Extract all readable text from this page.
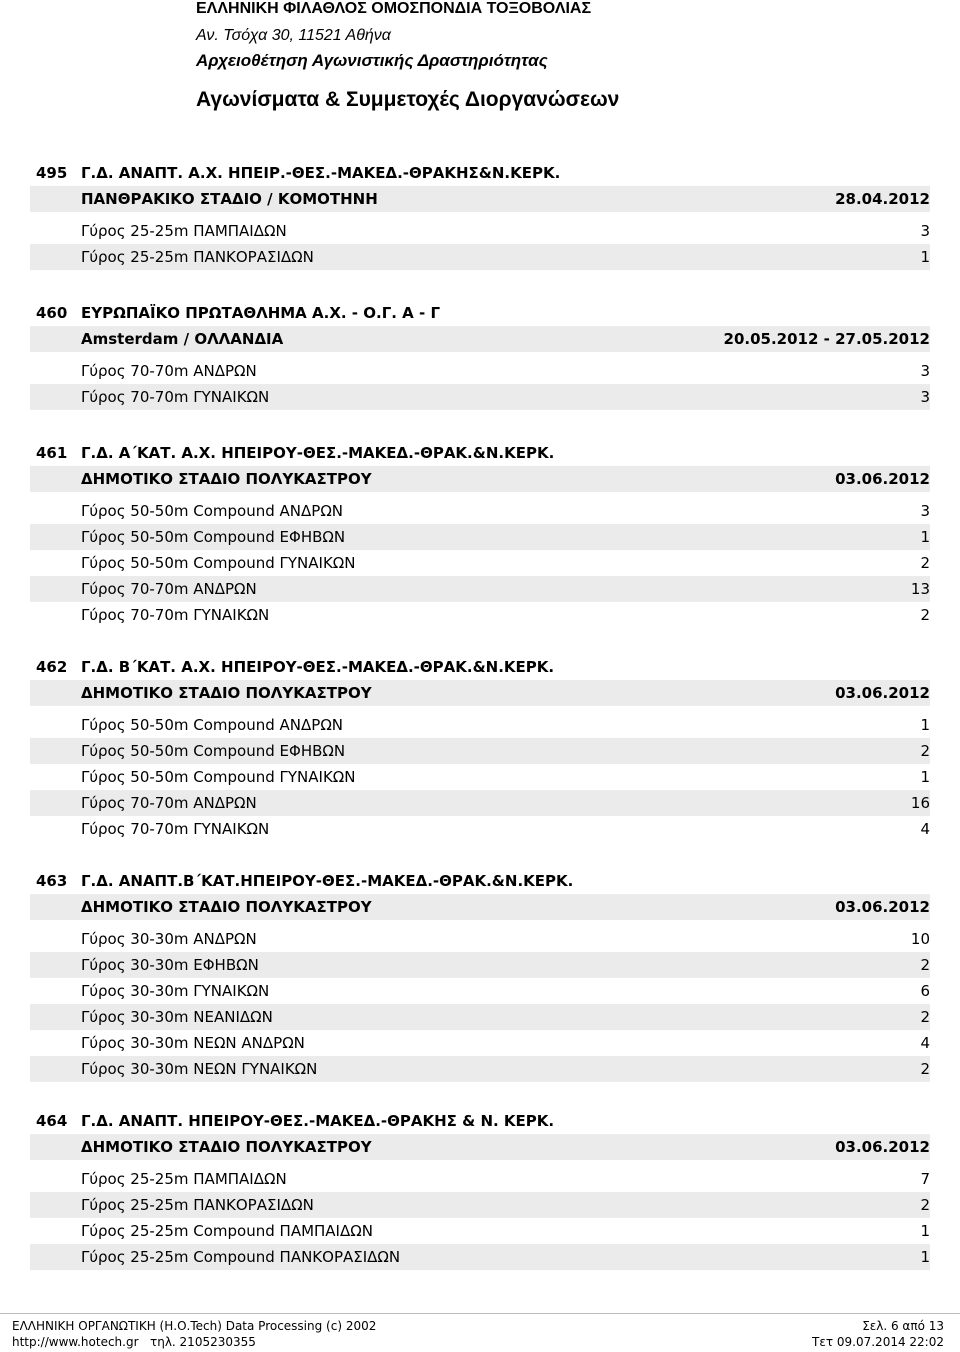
ΕΛΛΗΝΙΚΗ ΦΙΛΑΘΛΟΣ ΟΜΟΣΠΟΝΔΙΑ ΤΟΞΟΒΟΛΙΑΣ
Αν. Τσόχα 30, 11521 Αθήνα
Αρχειοθέτηση Αγωνιστικής Δραστηριότητας
Αγωνίσματα & Συμμετοχές Διοργανώσεων
495 Γ.Δ. ΑΝΑΠΤ. Α.Χ. ΗΠΕΙΡ.-ΘΕΣ.-ΜΑΚΕΔ.-ΘΡΑΚΗΣ&Ν.ΚΕΡΚ.
ΠΑΝΘΡΑΚΙΚΟ ΣΤΑΔΙΟ / ΚΟΜΟΤΗΝΗ	28.04.2012
Γύρος 25-25m ΠΑΜΠΑΙΔΩΝ	3
Γύρος 25-25m ΠΑΝΚΟΡΑΣΙΔΩΝ	1
460 ΕΥΡΩΠΑΪΚΟ ΠΡΩΤΑΘΛΗΜΑ Α.Χ. - Ο.Γ. Α - Γ
Amsterdam / ΟΛΛΑΝΔΙΑ	20.05.2012 - 27.05.2012
Γύρος 70-70m ΑΝΔΡΩΝ	3
Γύρος 70-70m ΓΥΝΑΙΚΩΝ	3
461 Γ.Δ. Α΄ΚΑΤ. Α.Χ. ΗΠΕΙΡΟΥ-ΘΕΣ.-ΜΑΚΕΔ.-ΘΡΑΚ.&Ν.ΚΕΡΚ.
ΔΗΜΟΤΙΚΟ ΣΤΑΔΙΟ ΠΟΛΥΚΑΣΤΡΟΥ	03.06.2012
Γύρος 50-50m Compound ΑΝΔΡΩΝ	3
Γύρος 50-50m Compound ΕΦΗΒΩΝ	1
Γύρος 50-50m Compound ΓΥΝΑΙΚΩΝ	2
Γύρος 70-70m ΑΝΔΡΩΝ	13
Γύρος 70-70m ΓΥΝΑΙΚΩΝ	2
462 Γ.Δ. Β΄ΚΑΤ. Α.Χ. ΗΠΕΙΡΟΥ-ΘΕΣ.-ΜΑΚΕΔ.-ΘΡΑΚ.&Ν.ΚΕΡΚ.
ΔΗΜΟΤΙΚΟ ΣΤΑΔΙΟ ΠΟΛΥΚΑΣΤΡΟΥ	03.06.2012
Γύρος 50-50m Compound ΑΝΔΡΩΝ	1
Γύρος 50-50m Compound ΕΦΗΒΩΝ	2
Γύρος 50-50m Compound ΓΥΝΑΙΚΩΝ	1
Γύρος 70-70m ΑΝΔΡΩΝ	16
Γύρος 70-70m ΓΥΝΑΙΚΩΝ	4
463 Γ.Δ. ΑΝΑΠΤ.Β΄ΚΑΤ.ΗΠΕΙΡΟΥ-ΘΕΣ.-ΜΑΚΕΔ.-ΘΡΑΚ.&Ν.ΚΕΡΚ.
ΔΗΜΟΤΙΚΟ ΣΤΑΔΙΟ ΠΟΛΥΚΑΣΤΡΟΥ	03.06.2012
Γύρος 30-30m ΑΝΔΡΩΝ	10
Γύρος 30-30m ΕΦΗΒΩΝ	2
Γύρος 30-30m ΓΥΝΑΙΚΩΝ	6
Γύρος 30-30m ΝΕΑΝΙΔΩΝ	2
Γύρος 30-30m ΝΕΩΝ ΑΝΔΡΩΝ	4
Γύρος 30-30m ΝΕΩΝ ΓΥΝΑΙΚΩΝ	2
464 Γ.Δ. ΑΝΑΠΤ. ΗΠΕΙΡΟΥ-ΘΕΣ.-ΜΑΚΕΔ.-ΘΡΑΚΗΣ & Ν. ΚΕΡΚ.
ΔΗΜΟΤΙΚΟ ΣΤΑΔΙΟ ΠΟΛΥΚΑΣΤΡΟΥ	03.06.2012
Γύρος 25-25m ΠΑΜΠΑΙΔΩΝ	7
Γύρος 25-25m ΠΑΝΚΟΡΑΣΙΔΩΝ	2
Γύρος 25-25m Compound ΠΑΜΠΑΙΔΩΝ	1
Γύρος 25-25m Compound ΠΑΝΚΟΡΑΣΙΔΩΝ	1
ΕΛΛΗΝΙΚΗ ΟΡΓΑΝΩΤΙΚΗ (Η.Ο.Tech) Data Processing (c) 2002
http://www.hotech.gr τηλ. 2105230355
Σελ. 6 από 13
Τετ 09.07.2014 22:02
